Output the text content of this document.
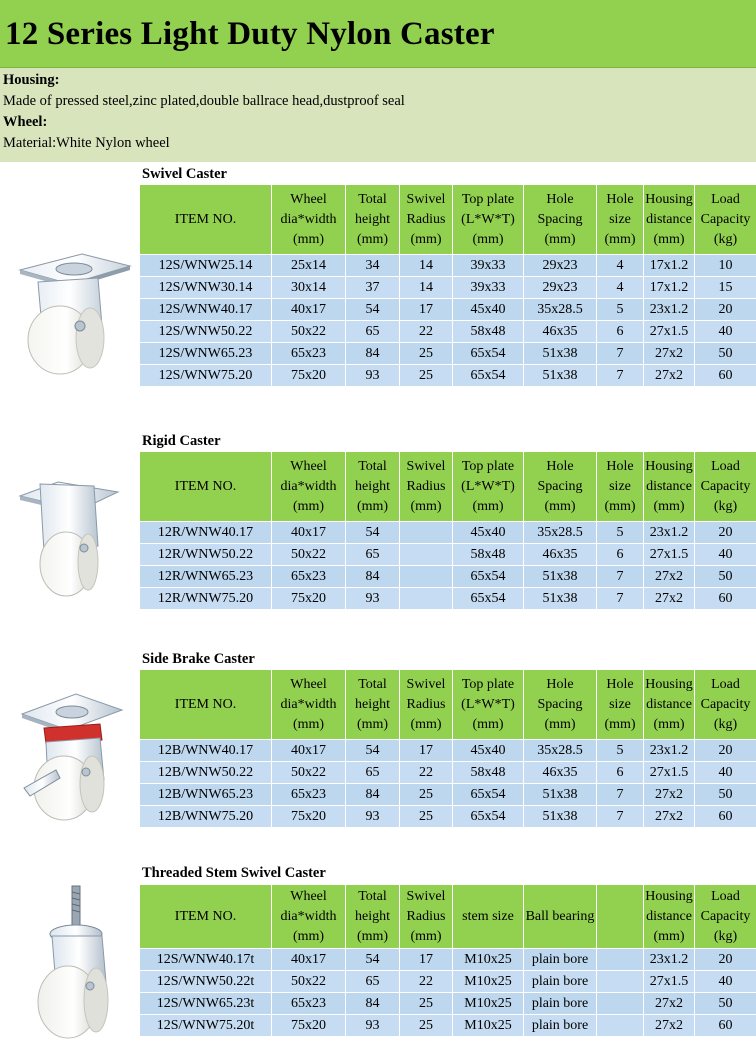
12 Series Light Duty Nylon Caster
Housing:
Made of pressed steel,zinc plated,double ballrace head,dustproof seal
Wheel:
Material:White Nylon wheel
Swivel Caster
ITEM NO.	Wheel dia*width (mm)	Total height (mm)	Swivel Radius (mm)	Top plate (L*W*T) (mm)	Hole Spacing (mm)	Hole size (mm)	Housing distance (mm)	Load Capacity (kg)
12S/WNW25.14	25x14	34	14	39x33	29x23	4	17x1.2	10
12S/WNW30.14	30x14	37	14	39x33	29x23	4	17x1.2	15
12S/WNW40.17	40x17	54	17	45x40	35x28.5	5	23x1.2	20
12S/WNW50.22	50x22	65	22	58x48	46x35	6	27x1.5	40
12S/WNW65.23	65x23	84	25	65x54	51x38	7	27x2	50
12S/WNW75.20	75x20	93	25	65x54	51x38	7	27x2	60
Rigid Caster
ITEM NO.	Wheel dia*width (mm)	Total height (mm)	Swivel Radius (mm)	Top plate (L*W*T) (mm)	Hole Spacing (mm)	Hole size (mm)	Housing distance (mm)	Load Capacity (kg)
12R/WNW40.17	40x17	54		45x40	35x28.5	5	23x1.2	20
12R/WNW50.22	50x22	65		58x48	46x35	6	27x1.5	40
12R/WNW65.23	65x23	84		65x54	51x38	7	27x2	50
12R/WNW75.20	75x20	93		65x54	51x38	7	27x2	60
Side Brake Caster
ITEM NO.	Wheel dia*width (mm)	Total height (mm)	Swivel Radius (mm)	Top plate (L*W*T) (mm)	Hole Spacing (mm)	Hole size (mm)	Housing distance (mm)	Load Capacity (kg)
12B/WNW40.17	40x17	54	17	45x40	35x28.5	5	23x1.2	20
12B/WNW50.22	50x22	65	22	58x48	46x35	6	27x1.5	40
12B/WNW65.23	65x23	84	25	65x54	51x38	7	27x2	50
12B/WNW75.20	75x20	93	25	65x54	51x38	7	27x2	60
Threaded Stem Swivel Caster
ITEM NO.	Wheel dia*width (mm)	Total height (mm)	Swivel Radius (mm)	stem size	Ball bearing		Housing distance (mm)	Load Capacity (kg)
12S/WNW40.17t	40x17	54	17	M10x25	plain bore		23x1.2	20
12S/WNW50.22t	50x22	65	22	M10x25	plain bore		27x1.5	40
12S/WNW65.23t	65x23	84	25	M10x25	plain bore		27x2	50
12S/WNW75.20t	75x20	93	25	M10x25	plain bore		27x2	60
